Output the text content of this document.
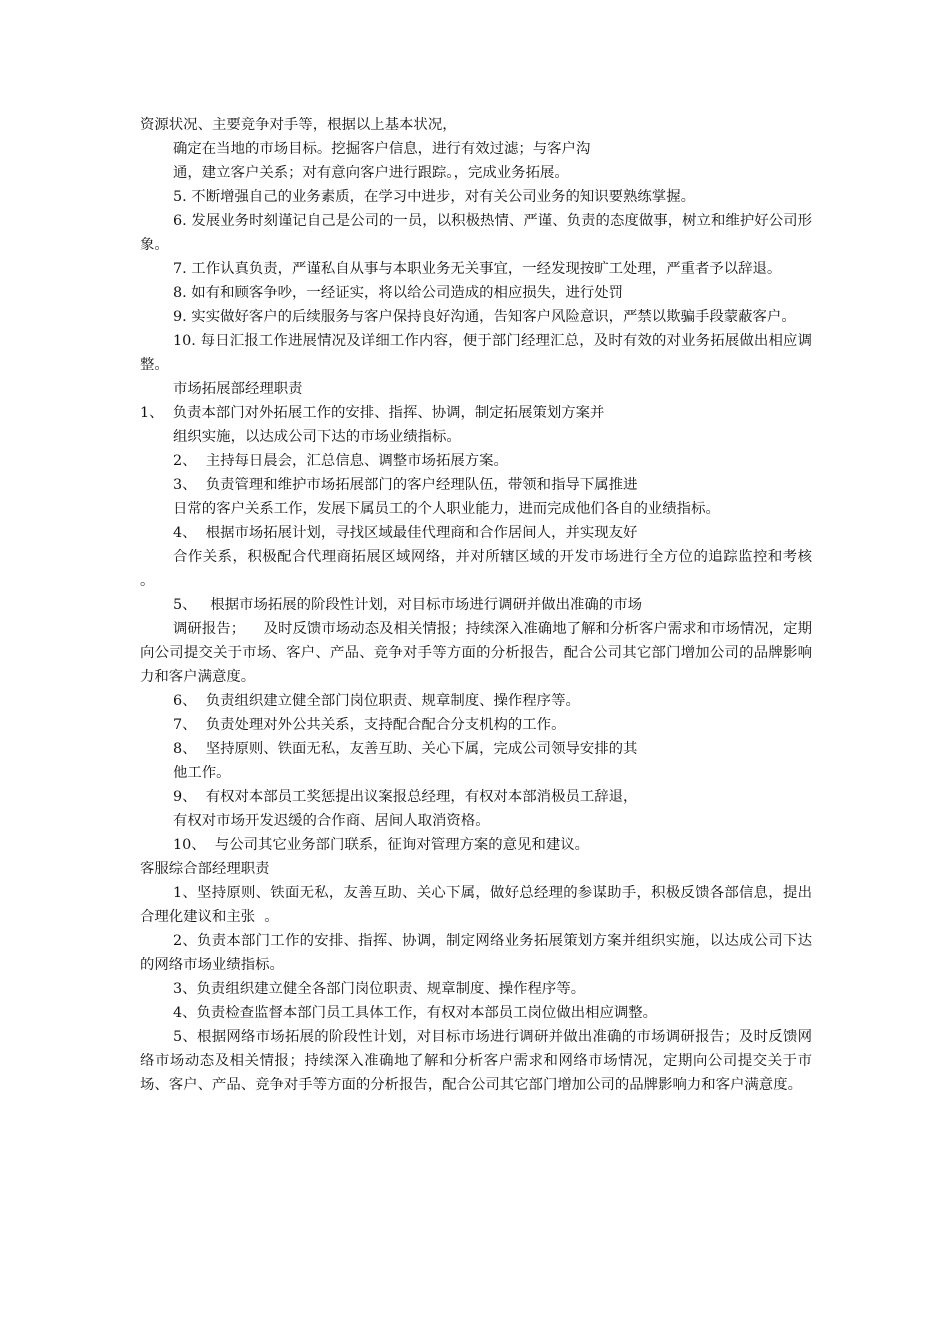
资源状况、主要竞争对手等，根据以上基本状况，

确定在当地的市场目标。挖掘客户信息，进行有效过滤；与客户沟

通，建立客户关系；对有意向客户进行跟踪。，完成业务拓展。

5. 不断增强自己的业务素质，在学习中进步，对有关公司业务的知识要熟练掌握。

6. 发展业务时刻谨记自己是公司的一员，以积极热情、严谨、负责的态度做事，树立和维护好公司形象。

7. 工作认真负责，严谨私自从事与本职业务无关事宜，一经发现按旷工处理，严重者予以辞退。

8. 如有和顾客争吵，一经证实，将以给公司造成的相应损失，进行处罚

9. 实实做好客户的后续服务与客户保持良好沟通，告知客户风险意识，严禁以欺骗手段蒙蔽客户。

10. 每日汇报工作进展情况及详细工作内容，便于部门经理汇总，及时有效的对业务拓展做出相应调整。

市场拓展部经理职责

1、  负责本部门对外拓展工作的安排、指挥、协调，制定拓展策划方案并

组织实施，以达成公司下达的市场业绩指标。

2、  主持每日晨会，汇总信息、调整市场拓展方案。

3、  负责管理和维护市场拓展部门的客户经理队伍，带领和指导下属推进

日常的客户关系工作，发展下属员工的个人职业能力，进而完成他们各自的业绩指标。

4、  根据市场拓展计划，寻找区域最佳代理商和合作居间人，并实现友好

合作关系，积极配合代理商拓展区域网络，并对所辖区域的开发市场进行全方位的追踪监控和考核   。

5、   根据市场拓展的阶段性计划，对目标市场进行调研并做出准确的市场

调研报告；    及时反馈市场动态及相关情报；持续深入准确地了解和分析客户需求和市场情况，定期向公司提交关于市场、客户、产品、竞争对手等方面的分析报告，配合公司其它部门增加公司的品牌影响力和客户满意度。

6、  负责组织建立健全部门岗位职责、规章制度、操作程序等。

7、  负责处理对外公共关系，支持配合配合分支机构的工作。

8、  坚持原则、铁面无私，友善互助、关心下属，完成公司领导安排的其

他工作。

9、  有权对本部员工奖惩提出议案报总经理，有权对本部消极员工辞退，

有权对市场开发迟缓的合作商、居间人取消资格。

10、  与公司其它业务部门联系，征询对管理方案的意见和建议。

客服综合部经理职责

1、坚持原则、铁面无私，友善互助、关心下属，做好总经理的参谋助手，积极反馈各部信息，提出合理化建议和主张  。

2、负责本部门工作的安排、指挥、协调，制定网络业务拓展策划方案并组织实施，以达成公司下达的网络市场业绩指标。

3、负责组织建立健全各部门岗位职责、规章制度、操作程序等。

4、负责检查监督本部门员工具体工作，有权对本部员工岗位做出相应调整。

5、根据网络市场拓展的阶段性计划，对目标市场进行调研并做出准确的市场调研报告；及时反馈网络市场动态及相关情报；持续深入准确地了解和分析客户需求和网络市场情况，定期向公司提交关于市场、客户、产品、竞争对手等方面的分析报告，配合公司其它部门增加公司的品牌影响力和客户满意度。
